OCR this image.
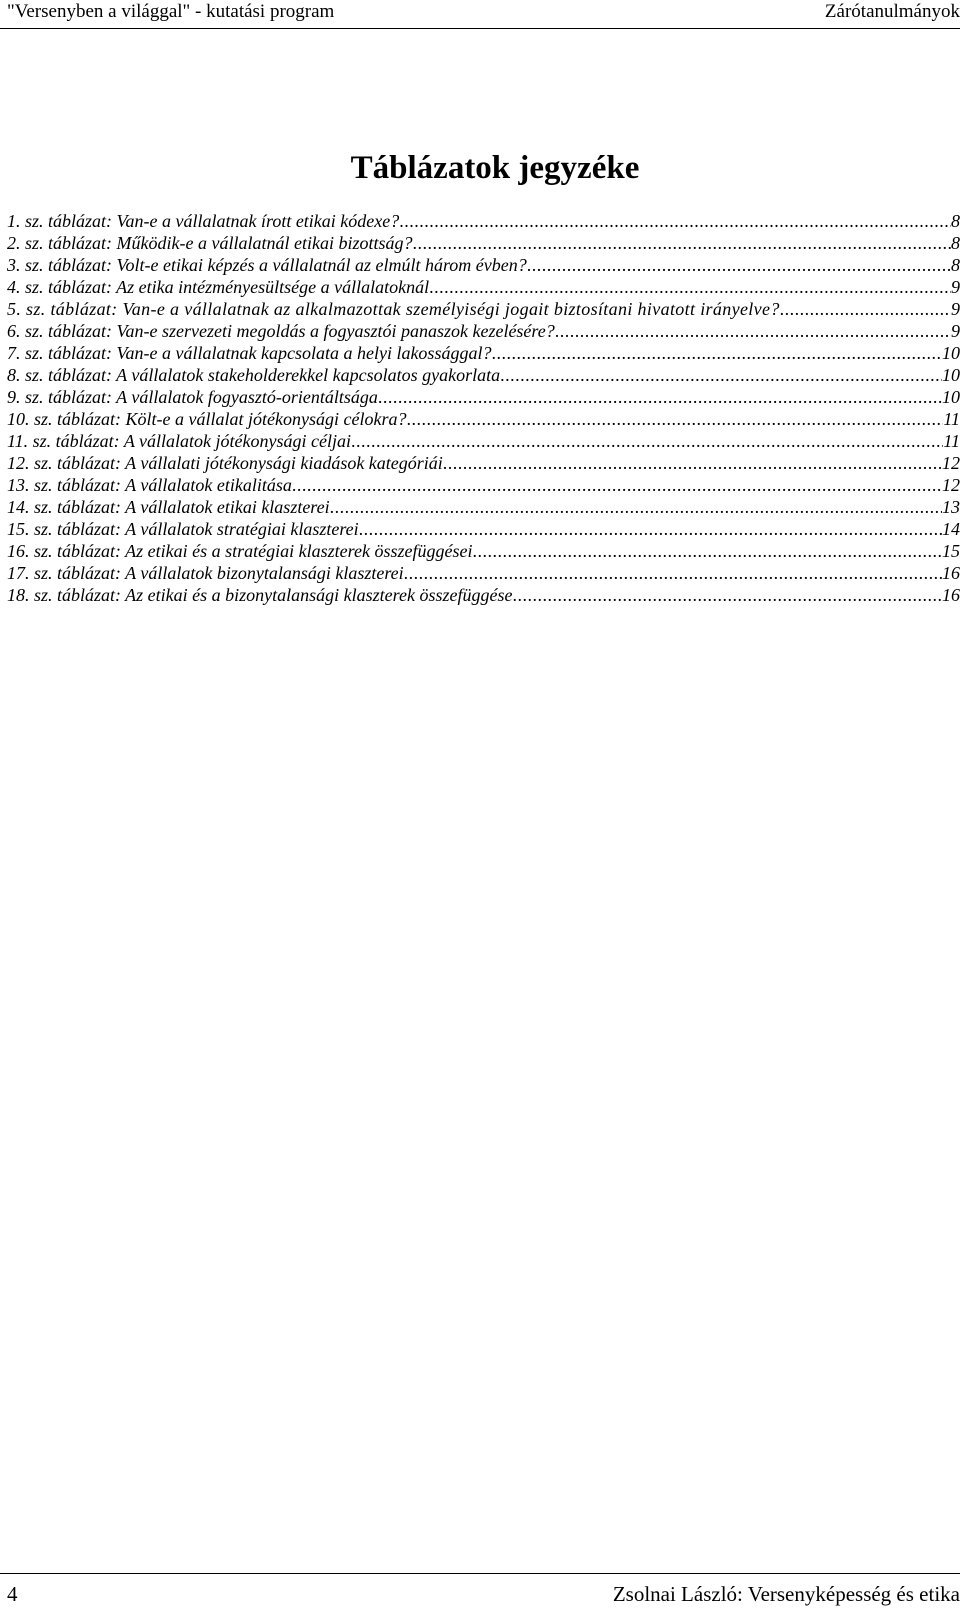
"Versenyben a világgal" - kutatási program	Zárótanulmányok
Táblázatok jegyzéke
1. sz. táblázat: Van-e a vállalatnak írott etikai kódexe? .....	8
2. sz. táblázat: Működik-e a vállalatnál etikai bizottság? .....	8
3. sz. táblázat: Volt-e etikai képzés a vállalatnál az elmúlt három évben? .....	8
4. sz. táblázat: Az etika intézményesültsége a vállalatoknál .....	9
5. sz. táblázat: Van-e a vállalatnak az alkalmazottak személyiségi jogait biztosítani hivatott irányelve? .....	9
6. sz. táblázat: Van-e szervezeti megoldás a fogyasztói panaszok kezelésére? .....	9
7. sz. táblázat: Van-e a vállalatnak kapcsolata a helyi lakossággal? .....	10
8. sz. táblázat: A vállalatok stakeholderekkel kapcsolatos gyakorlata .....	10
9. sz. táblázat: A vállalatok fogyasztó-orientáltsága .....	10
10. sz. táblázat: Költ-e a vállalat jótékonysági célokra? .....	11
11. sz. táblázat: A vállalatok jótékonysági céljai .....	11
12. sz. táblázat: A vállalati jótékonysági kiadások kategóriái .....	12
13. sz. táblázat: A vállalatok etikalitása .....	12
14. sz. táblázat: A vállalatok etikai klaszterei .....	13
15. sz. táblázat: A vállalatok stratégiai klaszterei .....	14
16. sz. táblázat: Az etikai és a stratégiai klaszterek összefüggései .....	15
17. sz. táblázat: A vállalatok bizonytalansági klaszterei .....	16
18. sz. táblázat: Az etikai és a bizonytalansági klaszterek összefüggése .....	16
4	Zsolnai László: Versenyképesség és etika
